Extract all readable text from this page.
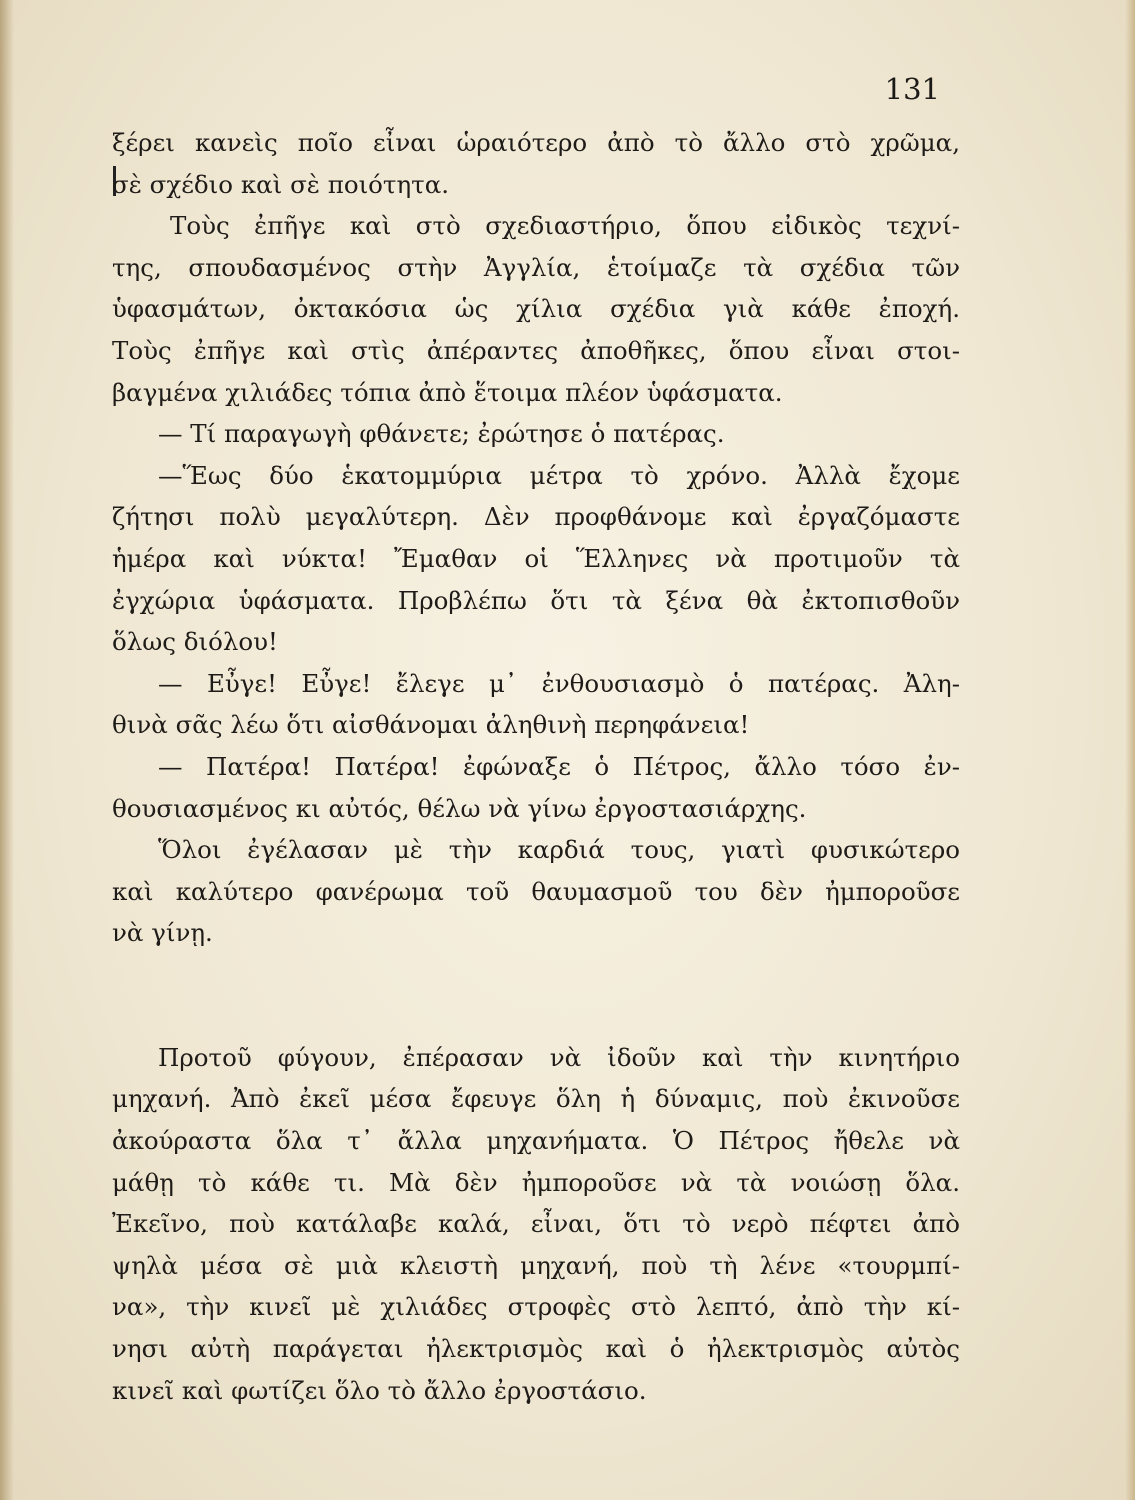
131
ξέρει κανεὶς ποῖο εἶναι ὡραιότερο ἀπὸ τὸ ἄλλο στὸ χρῶμα,
σὲ σχέδιο καὶ σὲ ποιότητα.
Τοὺς ἐπῆγε καὶ στὸ σχεδιαστήριο, ὅπου εἰδικὸς τεχνί-
της, σπουδασμένος στὴν Ἀγγλία, ἑτοίμαζε τὰ σχέδια τῶν
ὑφασμάτων, ὀκτακόσια ὡς χίλια σχέδια γιὰ κάθε ἐποχή.
Τοὺς ἐπῆγε καὶ στὶς ἀπέραντες ἀποθῆκες, ὅπου εἶναι στοι-
βαγμένα χιλιάδες τόπια ἀπὸ ἕτοιμα πλέον ὑφάσματα.
— Τί παραγωγὴ φθάνετε; ἐρώτησε ὁ πατέρας.
—Ἕως δύο ἑκατομμύρια μέτρα τὸ χρόνο. Ἀλλὰ ἔχομε
ζήτησι πολὺ μεγαλύτερη. Δὲν προφθάνομε καὶ ἐργαζόμαστε
ἡμέρα καὶ νύκτα! Ἔμαθαν οἱ Ἕλληνες νὰ προτιμοῦν τὰ
ἐγχώρια ὑφάσματα. Προβλέπω ὅτι τὰ ξένα θὰ ἐκτοπισθοῦν
ὅλως διόλου!
— Εὖγε! Εὖγε! ἔλεγε μ᾿ ἐνθουσιασμὸ ὁ πατέρας. Ἀλη-
θινὰ σᾶς λέω ὅτι αἰσθάνομαι ἀληθινὴ περηφάνεια!
— Πατέρα! Πατέρα! ἐφώναξε ὁ Πέτρος, ἄλλο τόσο ἐν-
θουσιασμένος κι αὐτός, θέλω νὰ γίνω ἐργοστασιάρχης.
Ὅλοι ἐγέλασαν μὲ τὴν καρδιά τους, γιατὶ φυσικώτερο
καὶ καλύτερο φανέρωμα τοῦ θαυμασμοῦ του δὲν ἠμποροῦσε
νὰ γίνῃ.
Προτοῦ φύγουν, ἐπέρασαν νὰ ἰδοῦν καὶ τὴν κινητήριο
μηχανή. Ἀπὸ ἐκεῖ μέσα ἔφευγε ὅλη ἡ δύναμις, ποὺ ἐκινοῦσε
ἀκούραστα ὅλα τ᾿ ἄλλα μηχανήματα. Ὁ Πέτρος ἤθελε νὰ
μάθῃ τὸ κάθε τι. Μὰ δὲν ἠμποροῦσε νὰ τὰ νοιώσῃ ὅλα.
Ἐκεῖνο, ποὺ κατάλαβε καλά, εἶναι, ὅτι τὸ νερὸ πέφτει ἀπὸ
ψηλὰ μέσα σὲ μιὰ κλειστὴ μηχανή, ποὺ τὴ λένε «τουρμπί-
να», τὴν κινεῖ μὲ χιλιάδες στροφὲς στὸ λεπτό, ἀπὸ τὴν κί-
νησι αὐτὴ παράγεται ἠλεκτρισμὸς καὶ ὁ ἠλεκτρισμὸς αὐτὸς
κινεῖ καὶ φωτίζει ὅλο τὸ ἄλλο ἐργοστάσιο.
